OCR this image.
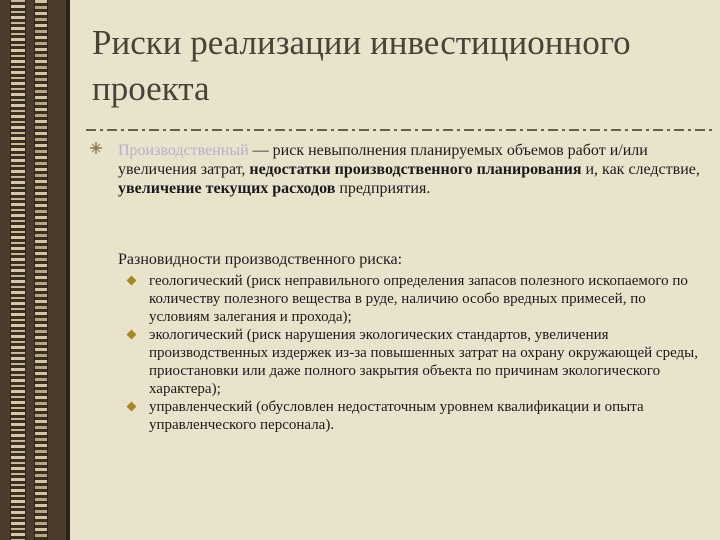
Риски реализации инвестиционного проекта
Производственный — риск невыполнения планируемых объемов работ и/или увеличения затрат, недостатки производственного планирования и, как следствие, увеличение текущих расходов предприятия.
Разновидности производственного риска:
геологический (риск неправильного определения запасов полезного ископаемого по количеству полезного вещества в руде, наличию особо вредных примесей, по условиям залегания и прохода);
экологический (риск нарушения экологических стандартов, увеличения производственных издержек из-за повышенных затрат на охрану окружающей среды, приостановки или даже полного закрытия объекта по причинам экологического характера);
управленческий (обусловлен недостаточным уровнем квалификации и опыта управленческого персонала).
